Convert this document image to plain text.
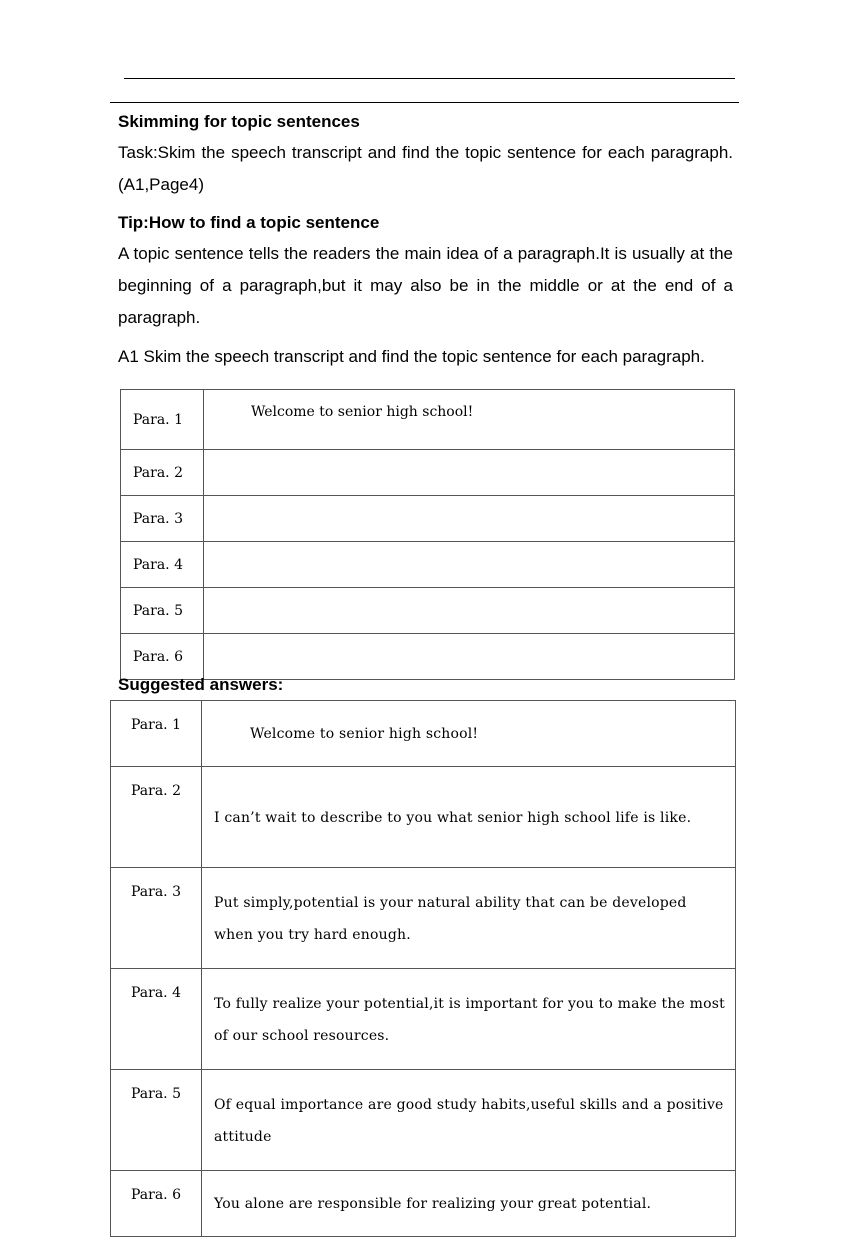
Skimming for topic sentences
Task:Skim the speech transcript and find the topic sentence for each paragraph.(A1,Page4)
Tip:How to find a topic sentence
A topic sentence tells the readers the main idea of a paragraph.It is usually at the beginning of a paragraph,but it may also be in the middle or at the end of a paragraph.
A1 Skim the speech transcript and find the topic sentence for each paragraph.
Para. 1	Welcome to senior high school!
Para. 2	
Para. 3	
Para. 4	
Para. 5	
Para. 6	
Suggested answers:
Para. 1	Welcome to senior high school!
Para. 2	I can’t wait to describe to you what senior high school life is like.
Para. 3	Put simply,potential is your natural ability that can be developed when you try hard enough.
Para. 4	To fully realize your potential,it is important for you to make the most of our school resources.
Para. 5	Of equal importance are good study habits,useful skills and a positive attitude
Para. 6	You alone are responsible for realizing your great potential.
